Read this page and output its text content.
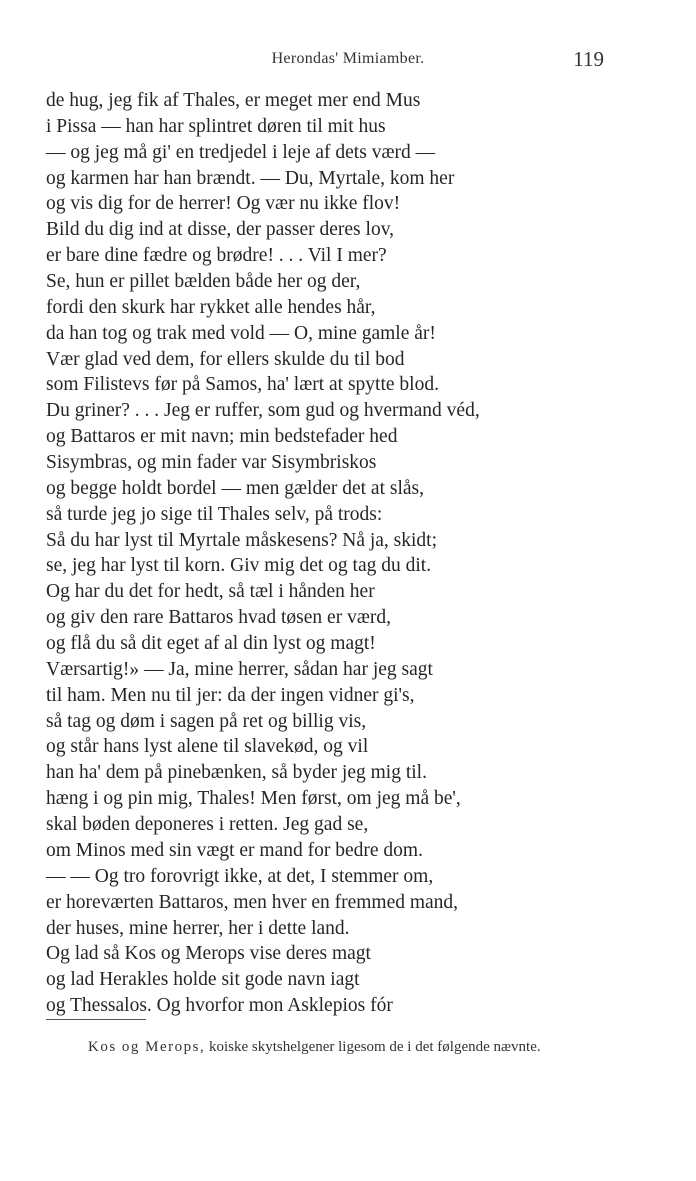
Herondas' Mimiamber.	119
de hug, jeg fik af Thales, er meget mer end Mus
i Pissa — han har splintret døren til mit hus
— og jeg må gi' en tredjedel i leje af dets værd —
og karmen har han brændt. — Du, Myrtale, kom her
og vis dig for de herrer! Og vær nu ikke flov!
Bild du dig ind at disse, der passer deres lov,
er bare dine fædre og brødre! . . . Vil I mer?
Se, hun er pillet bælden både her og der,
fordi den skurk har rykket alle hendes hår,
da han tog og trak med vold — O, mine gamle år!
Vær glad ved dem, for ellers skulde du til bod
som Filistevs før på Samos, ha' lært at spytte blod.
Du griner? . . . Jeg er ruffer, som gud og hvermand véd,
og Battaros er mit navn; min bedstefader hed
Sisymbras, og min fader var Sisymbriskos
og begge holdt bordel — men gælder det at slås,
så turde jeg jo sige til Thales selv, på trods:
Så du har lyst til Myrtale måskesens? Nå ja, skidt;
se, jeg har lyst til korn. Giv mig det og tag du dit.
Og har du det for hedt, så tæl i hånden her
og giv den rare Battaros hvad tøsen er værd,
og flå du så dit eget af al din lyst og magt!
Værsartig!» — Ja, mine herrer, sådan har jeg sagt
til ham. Men nu til jer: da der ingen vidner gi's,
så tag og døm i sagen på ret og billig vis,
og står hans lyst alene til slavekød, og vil
han ha' dem på pinebænken, så byder jeg mig til.
hæng i og pin mig, Thales! Men først, om jeg må be',
skal bøden deponeres i retten. Jeg gad se,
om Minos med sin vægt er mand for bedre dom.
— — Og tro forovrigt ikke, at det, I stemmer om,
er horeværten Battaros, men hver en fremmed mand,
der huses, mine herrer, her i dette land.
Og lad så Kos og Merops vise deres magt
og lad Herakles holde sit gode navn iagt
og Thessalos. Og hvorfor mon Asklepios fór

Kos og Merops, koiske skytshelgener ligesom de i det følgende nævnte.
